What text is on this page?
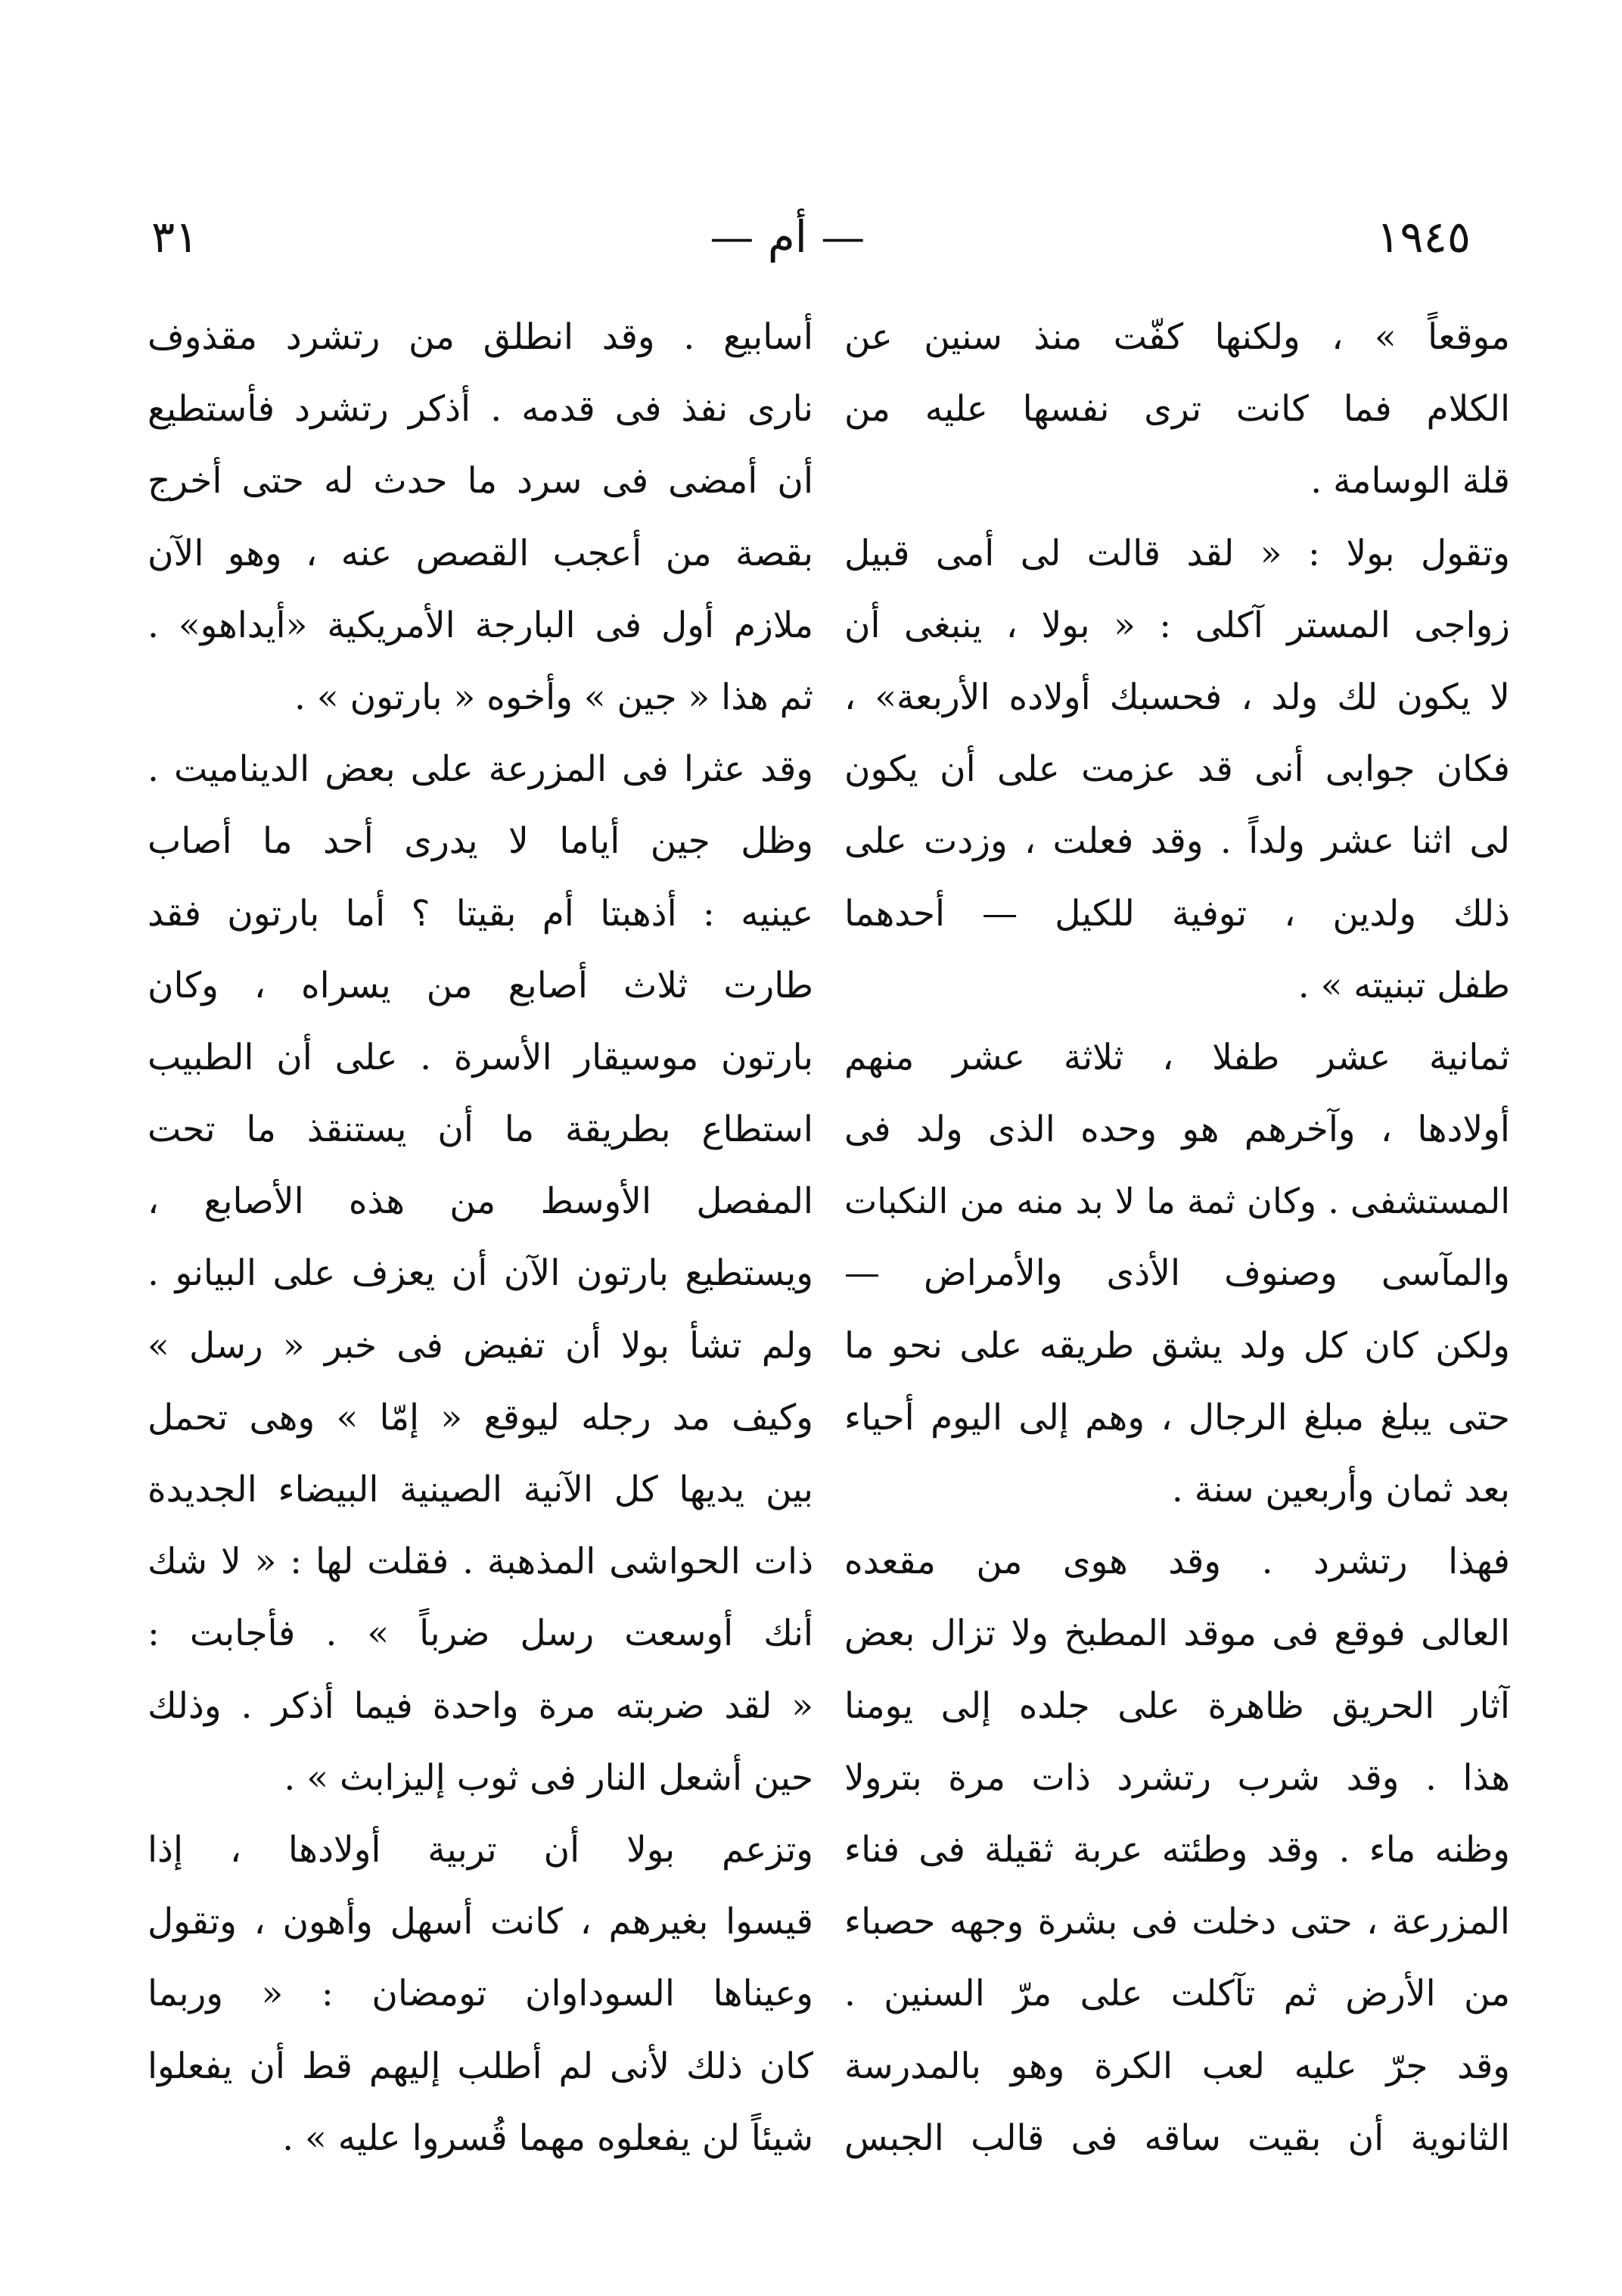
١٩٤٥
— أم —
٣١
موقعاً » ، ولكنها كفّت منذ سنين عن
الكلام فما كانت ترى نفسها عليه من
قلة الوسامة .
وتقول بولا : « لقد قالت لى أمى قبيل
زواجى المستر آكلى : « بولا ، ينبغى أن
لا يكون لك ولد ، فحسبك أولاده الأربعة» ،
فكان جوابى أنى قد عزمت على أن يكون
لى اثنا عشر ولداً . وقد فعلت ، وزدت على
ذلك ولدين ، توفية للكيل — أحدهما
طفل تبنيته » .
ثمانية عشر طفلا ، ثلاثة عشر منهم
أولادها ، وآخرهم هو وحده الذى ولد فى
المستشفى . وكان ثمة ما لا بد منه من النكبات
والمآسى وصنوف الأذى والأمراض —
ولكن كان كل ولد يشق طريقه على نحو ما
حتى يبلغ مبلغ الرجال ، وهم إلى اليوم أحياء
بعد ثمان وأربعين سنة .
فهذا رتشرد . وقد هوى من مقعده
العالى فوقع فى موقد المطبخ ولا تزال بعض
آثار الحريق ظاهرة على جلده إلى يومنا
هذا . وقد شرب رتشرد ذات مرة بترولا
وظنه ماء . وقد وطئته عربة ثقيلة فى فناء
المزرعة ، حتى دخلت فى بشرة وجهه حصباء
من الأرض ثم تآكلت على مرّ السنين .
وقد جرّ عليه لعب الكرة وهو بالمدرسة
الثانوية أن بقيت ساقه فى قالب الجبس
أسابيع . وقد انطلق من رتشرد مقذوف
نارى نفذ فى قدمه . أذكر رتشرد فأستطيع
أن أمضى فى سرد ما حدث له حتى أخرج
بقصة من أعجب القصص عنه ، وهو الآن
ملازم أول فى البارجة الأمريكية «أيداهو» .
ثم هذا « جين » وأخوه « بارتون » .
وقد عثرا فى المزرعة على بعض الديناميت .
وظل جين أياما لا يدرى أحد ما أصاب
عينيه : أذهبتا أم بقيتا ؟ أما بارتون فقد
طارت ثلاث أصابع من يسراه ، وكان
بارتون موسيقار الأسرة . على أن الطبيب
استطاع بطريقة ما أن يستنقذ ما تحت
المفصل الأوسط من هذه الأصابع ،
ويستطيع بارتون الآن أن يعزف على البيانو .
ولم تشأ بولا أن تفيض فى خبر « رسل »
وكيف مد رجله ليوقع « إمّا » وهى تحمل
بين يديها كل الآنية الصينية البيضاء الجديدة
ذات الحواشى المذهبة . فقلت لها : « لا شك
أنك أوسعت رسل ضرباً » . فأجابت :
« لقد ضربته مرة واحدة فيما أذكر . وذلك
حين أشعل النار فى ثوب إليزابث » .
وتزعم بولا أن تربية أولادها ، إذا
قيسوا بغيرهم ، كانت أسهل وأهون ، وتقول
وعيناها السوداوان تومضان : « وربما
كان ذلك لأنى لم أطلب إليهم قط أن يفعلوا
شيئاً لن يفعلوه مهما قُسروا عليه » .
